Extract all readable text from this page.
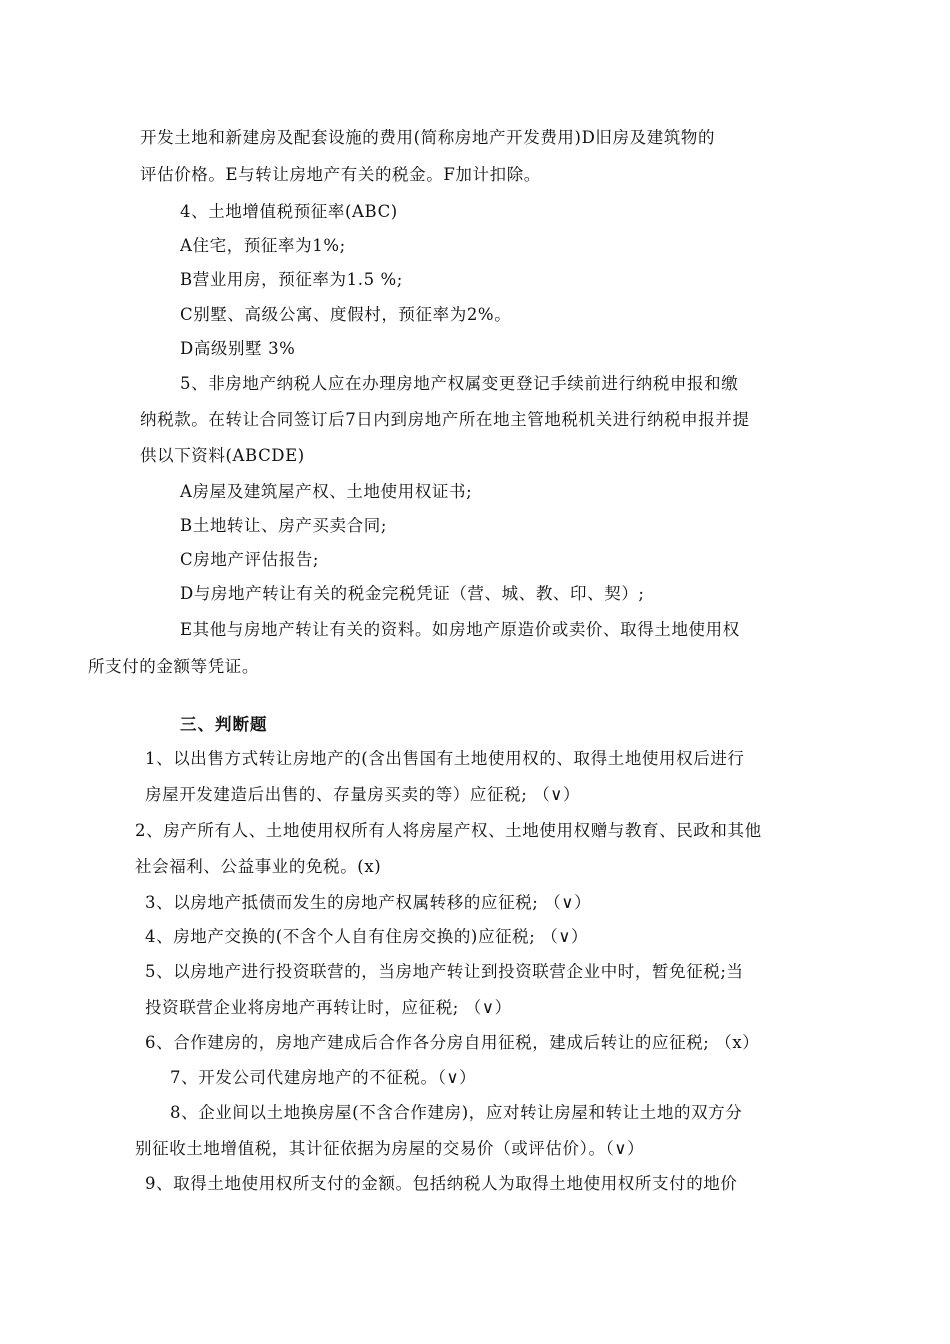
开发土地和新建房及配套设施的费用(简称房地产开发费用)D旧房及建筑物的
评估价格。E与转让房地产有关的税金。F加计扣除。
4、土地增值税预征率(ABC)
A住宅，预征率为1%;
B营业用房，预征率为1.5 %;
C别墅、高级公寓、度假村，预征率为2%。
D高级别墅 3%
5、非房地产纳税人应在办理房地产权属变更登记手续前进行纳税申报和缴
纳税款。在转让合同签订后7日内到房地产所在地主管地税机关进行纳税申报并提
供以下资料(ABCDE)
A房屋及建筑屋产权、土地使用权证书;
B土地转让、房产买卖合同;
C房地产评估报告;
D与房地产转让有关的税金完税凭证（营、城、教、印、契）;
E其他与房地产转让有关的资料。如房地产原造价或卖价、取得土地使用权
所支付的金额等凭证。
三、判断题
1、以出售方式转让房地产的(含出售国有土地使用权的、取得土地使用权后进行
房屋开发建造后出售的、存量房买卖的等）应征税; （∨）
2、房产所有人、土地使用权所有人将房屋产权、土地使用权赠与教育、民政和其他
社会福利、公益事业的免税。(x)
3、以房地产抵债而发生的房地产权属转移的应征税; （∨）
4、房地产交换的(不含个人自有住房交换的)应征税; （∨）
5、以房地产进行投资联营的，当房地产转让到投资联营企业中时，暂免征税;当
投资联营企业将房地产再转让时，应征税; （∨）
6、合作建房的，房地产建成后合作各分房自用征税，建成后转让的应征税; （x）
7、开发公司代建房地产的不征税。（∨）
8、企业间以土地换房屋(不含合作建房)，应对转让房屋和转让土地的双方分
别征收土地增值税，其计征依据为房屋的交易价（或评估价）。（∨）
9、取得土地使用权所支付的金额。包括纳税人为取得土地使用权所支付的地价
